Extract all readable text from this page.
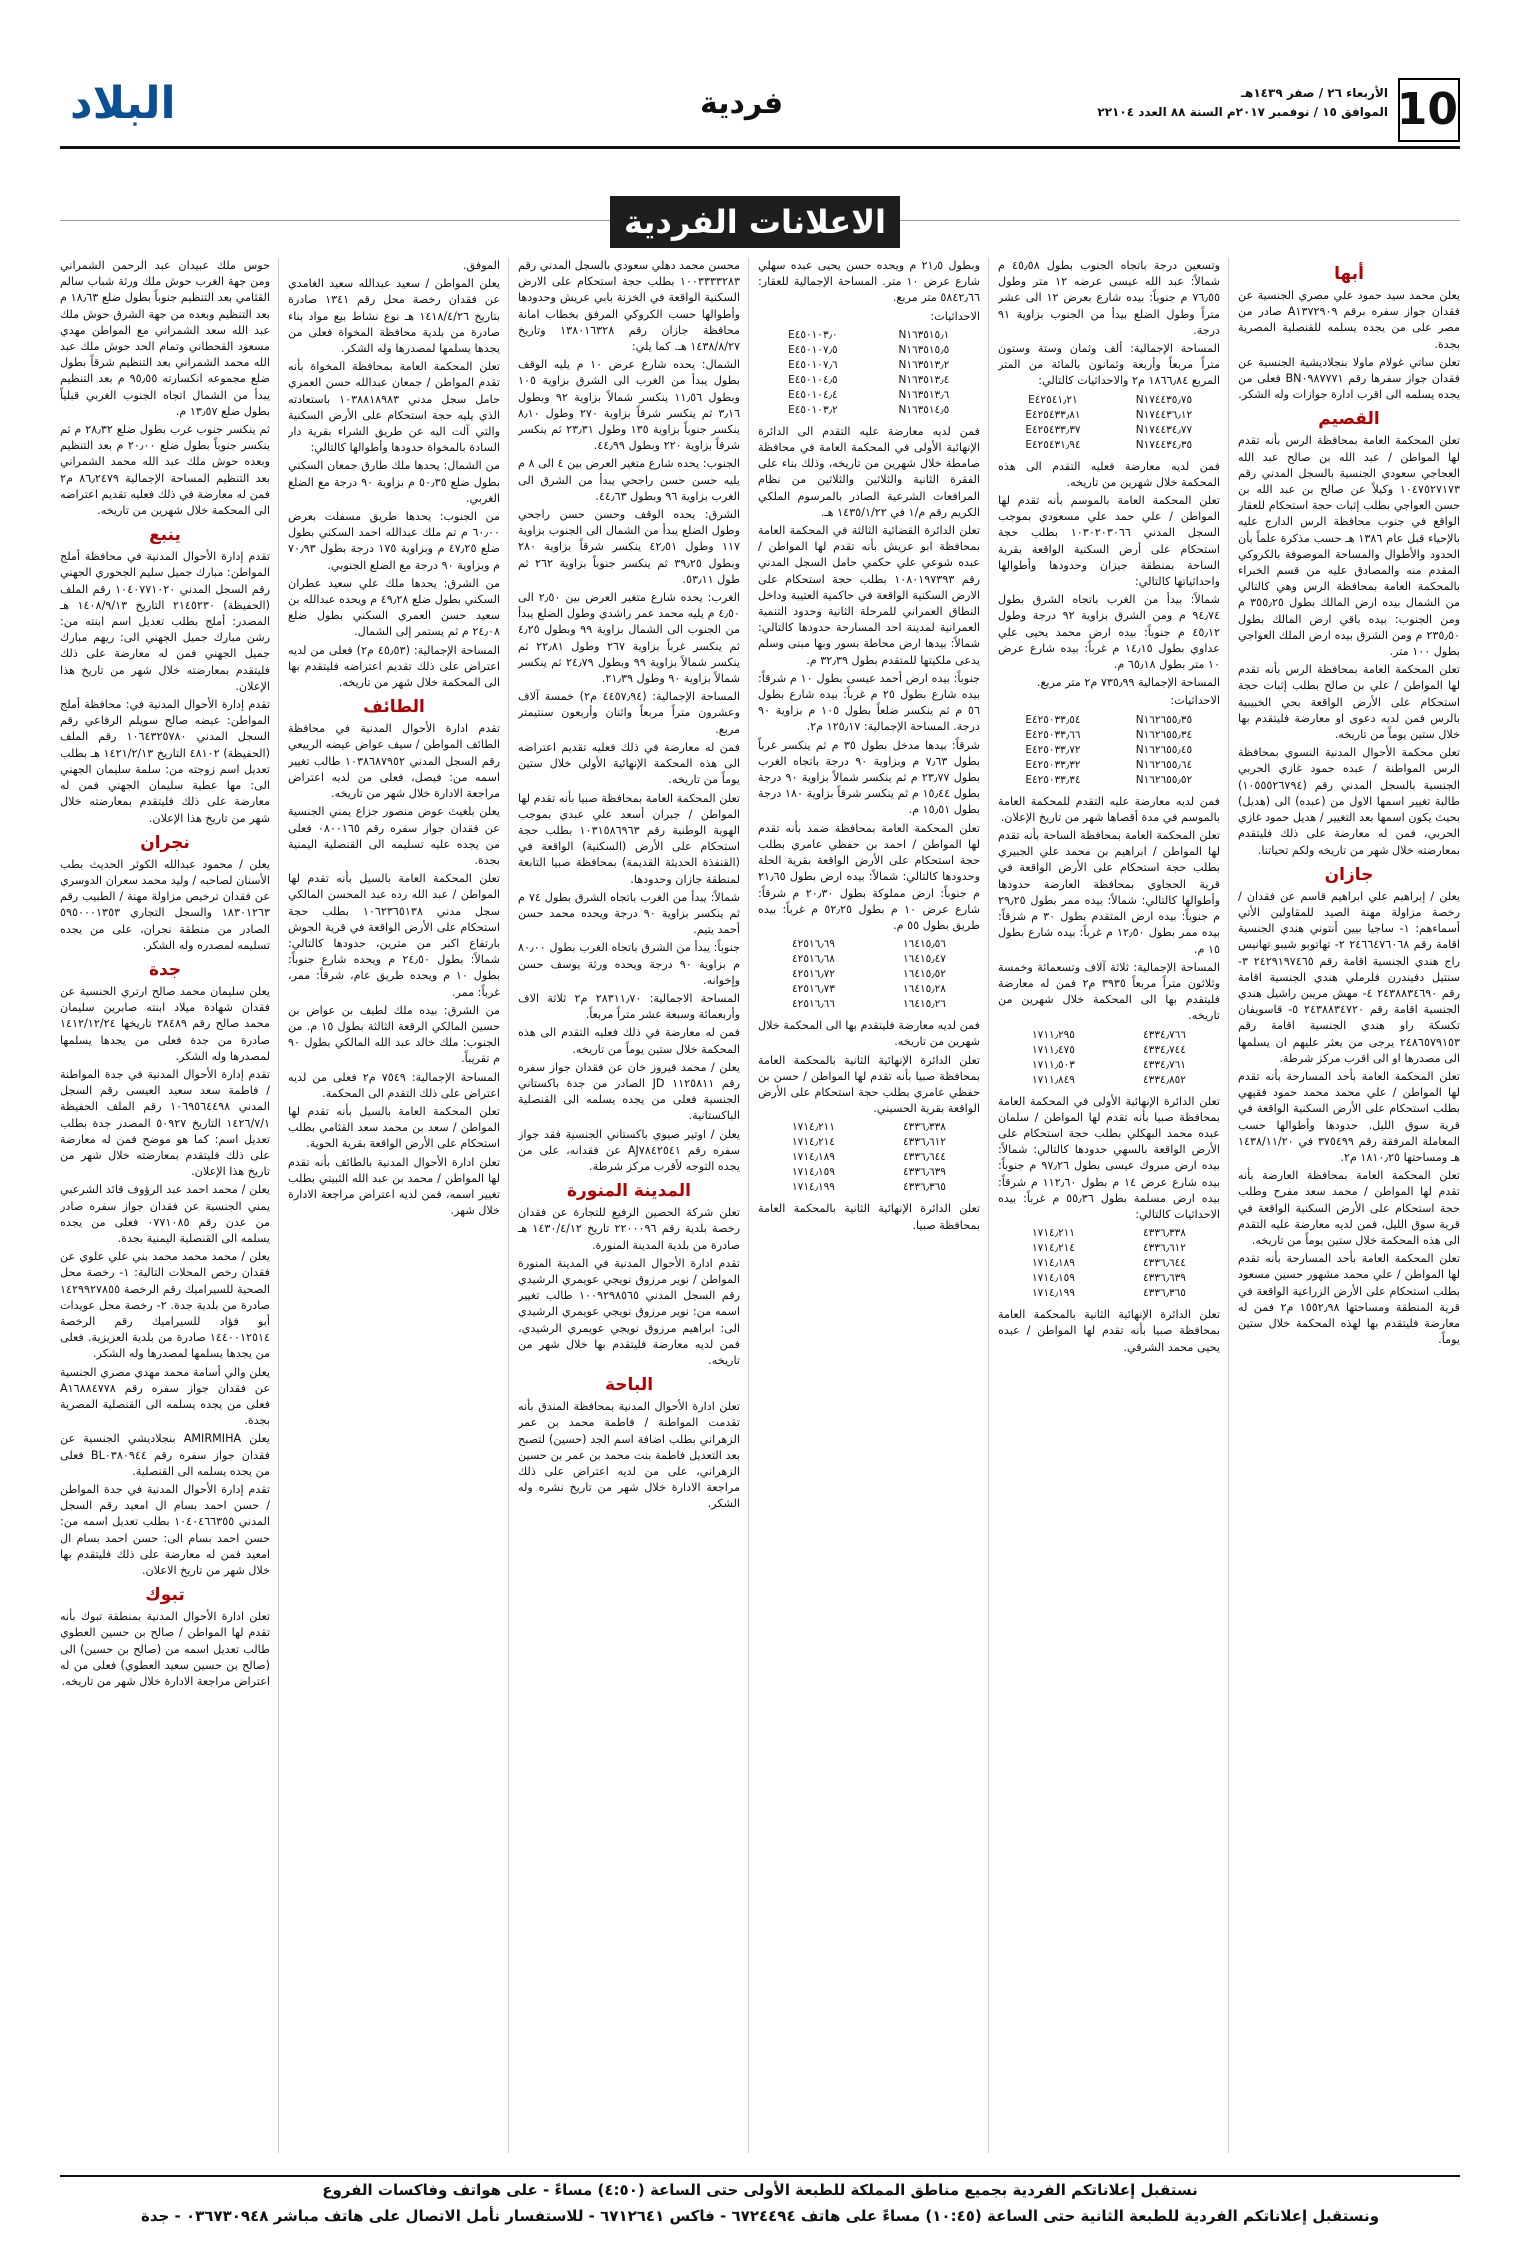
10
الأربعاء ٢٦ / صفر ١٤٣٩هـ
الموافق ١٥ / نوفمبر ٢٠١٧م السنة ٨٨ العدد ٢٢١٠٤
فردية
البلاد
الاعلانات الفردية
أبها

يعلن محمد سيد حمود علي مصري الجنسية عن فقدان جواز سفره برقم A١٣٧٢٩٠٩ صادر من مصر على من يجده يسلمه للقنصلية المصرية بجدة.

تعلن ساتي غولام ماولا بنجلاديشية الجنسية عن فقدان جواز سفرها رقم BN٠٩٨٧٧٧١ فعلى من يجده يسلمه الى اقرب ادارة جوازات وله الشكر.

القصيم

تعلن المحكمة العامة بمحافظة الرس بأنه تقدم لها المواطن / عبد الله بن صالح عبد الله العجاجي سعودي الجنسية بالسجل المدني رقم ١٠٤٧٥٢٧١٧٣ وكيلاً عن صالح بن عبد الله بن حسن العواجي بطلب إثبات حجة استحكام للعقار الواقع في جنوب محافظة الرس الدارج عليه بالإحياء قبل عام ١٣٨٦ هـ حسب مذكرة علماً بأن الحدود والأطوال والمساحة الموصوفة بالكروكي المقدم منه والمصادق عليه من قسم الخبراء بالمحكمة العامة بمحافظة الرس وهي كالتالي من الشمال بيده ارض المالك بطول ٣٥٥٫٢٥ م ومن الجنوب: بيده باقي ارض المالك بطول ٢٣٥٫٥٠ م ومن الشرق بيده ارض الملك العواجي بطول ١٠٠ متر.

تعلن المحكمة العامة بمحافظة الرس بأنه تقدم لها المواطن / علي بن صالح بطلب إثبات حجة استحكام على الأرض الواقعة بحي الخبيبية بالرس فمن لديه دعوى او معارضة فليتقدم بها خلال ستين يوماً من تاريخه.

تعلن محكمة الأحوال المدنية النسوي بمحافظة الرس المواطنة / عبده حمود غازي الحربي الجنسية بالسجل المدني رقم (١٠٥٥٥٢٦٧٩٤) طالبة تغيير اسمها الاول من (عبده) الى (هديل) بحيث يكون اسمها بعد التغيير / هديل حمود غازي الحربي، فمن له معارضة على ذلك فليتقدم بمعارضته خلال شهر من تاريخه ولكم تحياتنا.

جازان

يعلن / إبراهيم علي ابراهيم قاسم عن فقدان / رخصة مزاولة مهنة الصيد للمقاولين الأتي أسماءهم: ١- ساجيا بيين أنتوني هندي الجنسية اقامة رقم ٢٤٦٦٤٧٦٠٦٨ ٢- تهاتوبو شيبو تهانيس راج هندي الجنسية اقامة رقم ٢٤٢٩١٩٧٤٦٥ ٣- سنتيل دفيندرن فلرملي هندي الجنسية اقامة رقم ٢٤٣٨٨٣٤٦٩٠ ٤- مهش مريبن راشيل هندي الجنسية اقامة رقم ٢٤٣٨٨٣٤٧٢٠ ٥- قاسويفان تكسكة راو هندي الجنسية اقامة رقم ٢٤٨٦٥٧٩١٥٣ يرجى من يعثر عليهم ان يسلمها الى مصدرها او الى اقرب مركز شرطة.

تعلن المحكمة العامة بأحد المسارحة بأنه تقدم لها المواطن / علي محمد محمد حمود فقيهي بطلب استحكام على الأرض السكنية الواقعة في قرية سوق الليل. حدودها وأطوالها حسب المعاملة المرفقة رقم ٣٧٥٤٩٩ في ١٤٣٨/١١/٢٠ هـ ومساحتها ١٨١٠٫٢٥ م٢.

تعلن المحكمة العامة بمحافظة العارضة بأنه تقدم لها المواطن / محمد سعد مفرح وطلب حجة استحكام على الأرض السكنية الواقعة في قرية سوق الليل، فمن لديه معارضة عليه التقدم الى هذه المحكمة خلال ستين يوماً من تاريخه.

تعلن المحكمة العامة بأحد المسارحة بأنه تقدم لها المواطن / علي محمد مشهور حسين مسعود بطلب استحكام على الأرض الزراعية الواقعة في قرية المنطقة ومساحتها ١٥٥٢٫٩٨ م٢ فمن له معارضة فليتقدم بها لهذه المحكمة خلال ستين يوماً.

وتسعين درجة باتجاه الجنوب بطول ٤٥٫٥٨ م شمالاً: عبد الله عيسى عرضه ١٢ متر وطول ٧٦٫٥٥ م جنوباً: بيده شارع بعرض ١٢ الى عشر متراً وطول الضلع بيدأ من الجنوب بزاوية ٩١ درجة.

المساحة الإجمالية: ألف وثمان وستة وستون متراً مربعاً وأربعة وثمانون بالمائة من المتر المربع ١٨٦٦٫٨٤ م٢ والاحداثيات كالتالي:

E٤٢٥٤١٫٢١	N١٧٤٤٣٥٫٧٥
E٤٢٥٤٣٣٫٨١	N١٧٤٤٣٦٫١٢
E٤٢٥٤٣٣٫٣٧	N١٧٤٤٣٤٫٧٧
E٤٢٥٤٣١٫٩٤	N١٧٤٤٣٤٫٣٥

فمن لديه معارضة فعليه التقدم الى هذه المحكمة خلال شهرين من تاريخه.

تعلن المحكمة العامة بالموسم بأنه تقدم لها المواطن / علي حمد علي مسعودي بموجب السجل المدني ١٠٣٠٢٠٣٠٦٦ بطلب حجة استحكام على أرض السكنية الواقعة بقرية الساحة بمنطقة جيزان وحدودها وأطوالها واحداثياتها كالتالي:

شمالاً: بيدأ من الغرب باتجاه الشرق بطول ٩٤٫٧٤ م ومن الشرق بزاوية ٩٢ درجة وطول ٤٥٫١٢ م جنوباً: بيده ارض محمد يحيى علي عداوي بطول ١٤٫١٥ م غرباً: بيده شارع عرض ١٠ متر بطول ٦٥٫١٨ م.

المساحة الإجمالية ٧٣٥٫٩٩ م٢ متر مربع.

الاحداثيات:

E٤٢٥٠٣٣٫٥٤	N١٦٢٦٥٥٫٣٥
E٤٢٥٠٣٣٫٦٦	N١٦٢٦٥٥٫٣٤
E٤٢٥٠٣٣٫٧٢	N١٦٢٦٥٥٫٤٥
E٤٢٥٠٣٣٫٣٢	N١٦٢٦٥٥٫٦٤
E٤٢٥٠٣٣٫٣٤	N١٦٢٦٥٥٫٥٢

فمن لديه معارضة عليه التقدم للمحكمة العامة بالموسم في مدة أقصاها شهر من تاريخ الإعلان.

تعلن المحكمة العامة بمحافظة الساحة بأنه تقدم لها المواطن / ابراهيم بن محمد علي الجبيري بطلب حجة استحكام على الأرض الواقعة في قرية الحجاوي بمحافظة العارضة حدودها وأطوالها كالتالي: شمالاً: بيده ممر بطول ٢٩٫٢٥ م جنوباً: بيده ارض المتقدم بطول ٣٠ م شرقاً: بيده ممر بطول ١٢٫٥٠ م غرباً: بيده شارع بطول ١٥ م.

المساحة الإجمالية: ثلاثة آلاف وتسعمائة وخمسة وثلاثون متراً مربعاً ٣٩٣٥ م٢ فمن له معارضة فليتقدم بها الى المحكمة خلال شهرين من تاريخه.

١٧١١٫٢٩٥	٤٣٣٤٫٧٦٦
١٧١١٫٤٧٥	٤٣٣٤٫٧٤٤
١٧١١٫٥٠٣	٤٣٣٤٫٧٦١
١٧١١٫٨٤٩	٤٣٣٤٫٨٥٢

تعلن الدائرة الإنهائية الأولى في المحكمة العامة بمحافظة صبيا بأنه تقدم لها المواطن / سلمان عبده محمد البهكلي بطلب حجة استحكام على الأرض الواقعة بالسهي حدودها كالتالي: شمالاً: بيده ارض مبروك عيسى بطول ٩٧٫٢٦ م جنوباً: بيده شارع عرض ١٤ م بطول ١١٢٫٦٠ م شرقاً: بيده ارض مسلمة بطول ٥٥٫٣٦ م غرباً: بيده الاحداثيات كالتالي:

١٧١٤٫٢١١	٤٣٣٦٫٣٣٨
١٧١٤٫٢١٤	٤٣٣٦٫٦١٢
١٧١٤٫١٨٩	٤٣٣٦٫٦٤٤
١٧١٤٫١٥٩	٤٣٣٦٫٦٣٩
١٧١٤٫١٩٩	٤٣٣٦٫٣٦٥

تعلن الدائرة الإنهائية الثانية بالمحكمة العامة بمحافظة صبيا بأنه تقدم لها المواطن / عبده يحيى محمد الشرقي.

وبطول ٢١٫٥ م ويحده حسن يحيى عبده سهلي شارع عرض ١٠ متر. المساحة الإجمالية للعقار: ٥٨٤٢٫٦٦ متر مربع.

الاحداثيات:

E٤٥٠١٠٣٫٠	N١٦٣٥١٥٫١
E٤٥٠١٠٧٫٥	N١٦٣٥١٥٫٥
E٤٥٠١٠٧٫٦	N١٦٣٥١٣٫٢
E٤٥٠١٠٤٫٥	N١٦٣٥١٣٫٤
E٤٥٠١٠٤٫٤	N١٦٣٥١٣٫٦
E٤٥٠١٠٣٫٢	N١٦٣٥١٤٫٥

فمن لديه معارضة عليه التقدم الى الدائرة الإنهائية الأولى في المحكمة العامة في محافظة صامطة خلال شهرين من تاريخه، وذلك بناء على الفقرة الثانية والثلاثين والثلاثين من نظام المرافعات الشرعية الصادر بالمرسوم الملكي الكريم رقم م/١ في ١٤٣٥/١/٢٢ هـ.

تعلن الدائرة القضائية الثالثة في المحكمة العامة بمحافظة ابو عريش بأنه تقدم لها المواطن / عبده شوعي علي حكمي حامل السجل المدني رقم ١٠٨٠١٩٧٣٩٣ بطلب حجة استحكام على الارض السكنية الواقعة في حاكمية العتيبة وداخل النطاق العمراني للمرحلة الثانية وحدود التنمية العمرانية لمدينة احد المسارحة حدودها كالتالي: شمالاً: بيدها ارض محاطة بسور وبها مبنى وسلم يدعى ملكيتها للمتقدم بطول ٣٢٫٣٩ م.

جنوباً: بيده ارض أحمد عيسى بطول ١٠ م شرقاً: بيده شارع بطول ٢٥ م غرباً: بيده شارع بطول ٥٦ م ثم ينكسر ضلعاً بطول ١٠٥ م بزاوية ٩٠ درجة. المساحة الإجمالية: ١٢٥٫١٧ م٢.

شرقاً: بيدها مدخل بطول ٣٥ م ثم ينكسر غرباً بطول ٧٫٦٣ م وبزاوية ٩٠ درجة باتجاه الغرب بطول ٢٣٫٧٧ م ثم ينكسر شمالاً بزاوية ٩٠ درجة بطول ١٥٫٤٤ م ثم ينكسر شرقاً بزاوية ١٨٠ درجة بطول ١٥٫٥١ م.

تعلن المحكمة العامة بمحافظة ضمد بأنه تقدم لها المواطن / احمد بن حفظي عامري بطلب حجة استحكام على الأرض الواقعة بقرية الحلة وحدودها كالتالي: شمالاً: بيده ارض بطول ٢١٫٦٥ م جنوباً: ارض مملوكة بطول ٢٠٫٣٠ م شرقاً: شارع عرض ١٠ م بطول ٥٢٫٢٥ م غرباً: بيده طريق بطول ٥٥ م.

٤٢٥١٦٫٦٩	١٦٤١٥٫٥٦
٤٢٥١٦٫٦٨	١٦٤١٥٫٤٧
٤٢٥١٦٫٧٢	١٦٤١٥٫٥٢
٤٢٥١٦٫٧٣	١٦٤١٥٫٢٨
٤٢٥١٦٫٦٦	١٦٤١٥٫٢٦

فمن لديه معارضة فليتقدم بها الى المحكمة خلال شهرين من تاريخه.

تعلن الدائرة الإنهائية الثانية بالمحكمة العامة بمحافظة صبيا بأنه تقدم لها المواطن / حسن بن حفظي عامري بطلب حجة استحكام على الأرض الواقعة بقرية الحسيني.

١٧١٤٫٢١١	٤٣٣٦٫٣٣٨
١٧١٤٫٢١٤	٤٣٣٦٫٦١٢
١٧١٤٫١٨٩	٤٣٣٦٫٦٤٤
١٧١٤٫١٥٩	٤٣٣٦٫٦٣٩
١٧١٤٫١٩٩	٤٣٣٦٫٣٦٥

تعلن الدائرة الإنهائية الثانية بالمحكمة العامة بمحافظة صبيا.

محسن محمد دهلي سعودي بالسجل المدني رقم ١٠٠٣٣٣٣٢٨٣ بطلب حجة استحكام على الارض السكنية الواقعة في الخزنة بابي عريش وحدودها وأطوالها حسب الكروكي المرفق بخطاب امانة محافظة جازان رقم ١٣٨٠١٦٣٢٨ وتاريخ ١٤٣٨/٨/٢٧ هـ. كما يلي:

الشمال: يحده شارع عرض ١٠ م يليه الوقف بطول يبدأ من الغرب الى الشرق بزاوية ١٠٥ وبطول ١١٫٥٦ ينكسر شمالاً بزاوية ٩٢ وبطول ٣٫١٦ ثم ينكسر شرقاً بزاوية ٢٧٠ وطول ٨٫١٠ ينكسر جنوباً بزاوية ١٣٥ وطول ٢٣٫٣١ ثم ينكسر شرقاً بزاوية ٢٢٠ وبطول ٤٤٫٩٩.

الجنوب: يحده شارع متغير العرض بين ٤ الى ٨ م يليه حسن حسن راجحي يبدأ من الشرق الى الغرب بزاوية ٩٦ وبطول ٤٤٫٦٣.

الشرق: يحده الوقف وحسن حسن راجحي وطول الضلع يبدأ من الشمال الى الجنوب بزاوية ١١٧ وطول ٤٢٫٥١ ينكسر شرقاً بزاوية ٢٨٠ وبطول ٣٩٫٢٥ ثم ينكسر جنوباً بزاوية ٢٦٢ ثم طول ٥٣٫١١.

الغرب: يحده شارع متغير العرض بين ٢٫٥٠ الى ٤٫٥٠ م يليه محمد عمر راشدي وطول الضلع يبدأ من الجنوب الى الشمال بزاوية ٩٩ وبطول ٤٫٢٥ ثم ينكسر غرباً بزاوية ٢٦٧ وطول ٢٢٫٨١ ثم ينكسر شمالاً بزاوية ٩٩ وبطول ٢٤٫٧٩ ثم ينكسر شمالاً بزاوية ٩٠ وطول ٢١٫٣٩.

المساحة الإجمالية: (٤٤٥٧٫٩٤ م٢) خمسة آلاف وعشرون متراً مربعاً واثنان وأربعون سنتيمتر مربع.

فمن له معارضة في ذلك فعليه تقديم اعتراضه الى هذه المحكمة الإنهائية الأولى خلال ستين يوماً من تاريخه.

تعلن المحكمة العامة بمحافظة صبيا بأنه تقدم لها المواطن / جبران أسعد علي عبدي بموجب الهوية الوطنية رقم ١٠٣١٥٨٦٩٦٣ بطلب حجة استحكام على الأرض (السكنية) الواقعة في (القنفذة الحديثة القديمة) بمحافظة صبيا التابعة لمنطقة جازان وحدودها.

شمالاً: يبدأ من الغرب باتجاه الشرق بطول ٧٤ م ثم ينكسر بزاوية ٩٠ درجة ويحده محمد حسن أحمد يتيم.

جنوباً: يبدأ من الشرق باتجاه الغرب بطول ٨٠٫٠٠ م بزاوية ٩٠ درجة ويحده ورثة يوسف حسن وإخوانه.

المساحة الاجمالية: ٢٨٣١١٫٧٠ م٢ ثلاثة الاف وأربعمائة وسبعة عشر متراً مربعاً.

فمن له معارضة في ذلك فعليه التقدم الى هذه المحكمة خلال ستين يوماً من تاريخه.

يعلن / محمد فيروز خان عن فقدان جواز سفره رقم ١١٢٥٨١١ JD الصادر من جدة باكستاني الجنسية فعلى من يجده يسلمه الى القنصلية الباكستانية.

يعلن / اوتير صيوي باكستاني الجنسية فقد جواز سفره رقم AJ٧٨٤٢٥٤١ عن فقدانه، على من يجده التوجه لأقرب مركز شرطة.

المدينة المنورة

تعلن شركة الحصين الرفيع للتجارة عن فقدان رخصة بلدية رقم ٢٢٠٠٠٩٦ تاريخ ١٤٣٠/٤/١٢ هـ صادرة من بلدية المدينة المنورة.

تقدم ادارة الأحوال المدنية في المدينة المنورة المواطن / نوير مرزوق نويجي عويمري الرشيدي رقم السجل المدني ١٠٠٩٢٩٨٥٦٥ طالب تغيير اسمه من: نوير مرزوق نويجي عويمري الرشيدي الى: ابراهيم مرزوق نويجي عويمري الرشيدي، فمن لديه معارضة فليتقدم بها خلال شهر من تاريخه.

الباحة

تعلن ادارة الأحوال المدنية بمحافظة المندق بأنه تقدمت المواطنة / فاطمة محمد بن عمر الزهراني بطلب اضافة اسم الجد (حسين) لتصبح بعد التعديل فاطمة بنت محمد بن عمر بن حسين الزهراني، على من لديه اعتراض على ذلك مراجعة الادارة خلال شهر من تاريخ نشره وله الشكر.

الموفق.

يعلن المواطن / سعيد عبدالله سعيد الغامدي عن فقدان رخصة محل رقم ١٣٤١ صادرة بتاريخ ١٤١٨/٤/٢٦ هـ نوع نشاط بيع مواد بناء صادرة من بلدية محافظة المخواة فعلى من يجدها يسلمها لمصدرها وله الشكر.

تعلن المحكمة العامة بمحافظة المخواة بأنه تقدم المواطن / جمعان عبدالله حسن العمري حامل سجل مدني ١٠٣٨٨١٨٩٨٣ باستعادته الذي يليه حجة استحكام على الأرض السكنية والتي آلت اليه عن طريق الشراء بقرية دار السادة بالمخواة حدودها وأطوالها كالتالي:

من الشمال: يحدها ملك طارق جمعان السكني بطول ضلع ٥٠٫٣٥ م بزاوية ٩٠ درجة مع الضلع الغربي.

من الجنوب: يحدها طريق مسفلت بعرض ٦٠٫٠٠ م تم ملك عبدالله احمد السكني بطول ضلع ٤٧٫٢٥ م وبزاوية ١٧٥ درجة بطول ٧٠٫٩٣ م وبزاوية ٩٠ درجة مع الضلع الجنوبي.

من الشرق: يحدها ملك علي سعيد عطران السكني بطول ضلع ٤٩٫٢٨ م ويحده عبدالله بن سعيد حسن العمري السكني بطول ضلع ٢٤٫٠٨ م ثم يستمر إلى الشمال.

المساحة الإجمالية: (٤٥٫٥٣ م٢) فعلى من لديه اعتراض على ذلك تقديم اعتراضه فليتقدم بها الى المحكمة خلال شهر من تاريخه.

الطائف

تقدم ادارة الأحوال المدنية في محافظة الطائف المواطن / سيف عواض عيضه الرييعي رقم السجل المدني ١٠٣٨٦٨٧٩٥٢ طالب تغيير اسمه من: فيصل، فعلى من لديه اعتراض مراجعة الادارة خلال شهر من تاريخه.

يعلن بلغيث عوض منصور جزاع يمني الجنسية عن فقدان جواز سفره رقم ٠٨٠٠١٦٥ فعلى من يجده عليه تسليمه الى القنصلية اليمنية بجدة.

تعلن المحكمة العامة بالسيل بأنه تقدم لها المواطن / عبد الله رده عبد المحسن المالكي سجل مدني ١٠٦٢٣٦٥١٣٨ بطلب حجة استحكام على الأرض الواقعة في قرية الحوش بارتفاع اكبر من مترين، حدودها كالتالي: شمالاً: بطول ٢٤٫٥٠ م ويحده شارع جنوباً: بطول ١٠ م ويحده طريق عام، شرقاً: ممر، غرباً: ممر.

من الشرق: بيده ملك لطيف بن عواض بن حسين المالكي الرقعة الثالثة بطول ١٥ م. من الجنوب: ملك خالد عبد الله المالكي بطول ٩٠ م تقريباً.

المساحة الإجمالية: ٧٥٤٩ م٢ فعلى من لديه اعتراض على ذلك التقدم الى المحكمة.

تعلن المحكمة العامة بالسيل بأنه تقدم لها المواطن / سعد بن محمد سعد القثامي بطلب استحكام على الأرض الواقعة بقرية الحوية.

تعلن ادارة الأحوال المدنية بالطائف بأنه تقدم لها المواطن / محمد بن عبد الله الثبيتي بطلب تغيير اسمه، فمن لديه اعتراض مراجعة الادارة خلال شهر.

حوس ملك عبيدان عبد الرحمن الشمراني ومن جهة الغرب حوش ملك ورثة شباب سالم القثامي بعد التنظيم جنوباً بطول ضلع ١٨٫٦٣ م بعد التنظيم وبعده من جهة الشرق حوش ملك عبد الله سعد الشمراني مع المواطن مهدي مسعود القحطاني وتمام الحد حوش ملك عبد الله محمد الشمراني بعد التنظيم شرقاً بطول ضلع مجموعه انكسارته ٩٥٫٥٥ م بعد التنظيم يبدأ من الشمال اتجاه الجنوب الغربي قبلياً بطول ضلع ١٣٫٥٧ م.

ثم ينكسر جنوب غرب بطول ضلع ٢٨٫٣٢ م ثم ينكسر جنوباً بطول ضلع ٢٠٫٠٠ م بعد التنظيم وبعده حوش ملك عبد الله محمد الشمراني بعد التنظيم المساحة الإجمالية ٨٦٫٢٤٧٩ م٢ فمن له معارضة في ذلك فعليه تقديم اعتراضه الى المحكمة خلال شهرين من تاريخه.

ينبع

تقدم إدارة الأحوال المدنية في محافظة أملج المواطن: مبارك جميل سليم الجحوري الجهني رقم السجل المدني ١٠٤٠٧٧١٠٢٠ رقم الملف (الحفيظة) ٢١٤٥٢٣٠ التاريخ ١٤٠٨/٩/١٣ هـ المصدر: أملج بطلب تعديل اسم ابنته من: رشن مبارك جميل الجهني الى: ريهم مبارك جميل الجهني فمن له معارضة على ذلك فليتقدم بمعارضته خلال شهر من تاريخ هذا الإعلان.

تقدم إدارة الأحوال المدنية في: محافظة أملج المواطن: عيضه صالح سويلم الرفاعي رقم السجل المدني ١٠٦٤٣٢٥٧٨٠ رقم الملف (الحفيظة) ٤٨١٠٢ التاريخ ١٤٢١/٢/١٣ هـ بطلب تعديل اسم زوجته من: سلمة سليمان الجهني الى: مها عطية سليمان الجهني فمن له معارضة على ذلك فليتقدم بمعارضته خلال شهر من تاريخ هذا الإعلان.

نجران

يعلن / محمود عبدالله الكوثر الحديث بطب الأسنان لصاحبه / وليد محمد سعران الدوسري عن فقدان ترخيص مزاولة مهنة / الطبيب رقم ١٨٣٠١٢٦٣ والسجل التجاري ٥٩٥٠٠٠١٣٥٣ الصادر من منطقة نجران، على من يجده تسليمه لمصدره وله الشكر.

جدة

يعلن سليمان محمد صالح ارتري الجنسية عن فقدان شهادة ميلاد ابنته صابرين سليمان محمد صالح رقم ٢٨٤٨٩ تاريخها ١٤١٢/١٢/٢٤ صادرة من جدة فعلى من يجدها يسلمها لمصدرها وله الشكر.

تقدم إدارة الأحوال المدنية في جدة المواطنة / فاطمة سعد سعيد العيسى رقم السجل المدني ١٠٦٩٥٦٤٤٩٨ رقم الملف الحفيظة ١٤٢٦/٧/١ التاريخ ٥٠٩٢٧ المصدر جدة بطلب تعديل اسم: كما هو موضح فمن له معارضة على ذلك فليتقدم بمعارضته خلال شهر من تاريخ هذا الإعلان.

يعلن / محمد احمد عبد الرؤوف قائد الشرعبي يمني الجنسية عن فقدان جواز سفره صادر من عدن رقم ٠٧٧١٠٨٥ فعلى من يجده يسلمه الى القنصلية اليمنية بجدة.

يعلن / محمد محمد محمد بني علي علوي عن فقدان رخص المحلات التالية: ١- رخصة محل الصحية للسيراميك رقم الرخصة ١٤٢٩٩٢٧٨٥٥ صادرة من بلدية جدة. ٢- رخصة محل عويدات أبو فؤاد للسيراميك رقم الرخصة ١٤٤٠٠١٢٥١٤ صادرة من بلدية العزيزية. فعلى من يجدها يسلمها لمصدرها وله الشكر.

يعلن والي أسامة محمد مهدي مصري الجنسية عن فقدان جواز سفره رقم A١٦٨٨٤٧٧٨ فعلى من يجده يسلمه الى القنصلية المصرية بجدة.

يعلن AMIRMIHA بنجلاديشي الجنسية عن فقدان جواز سفره رقم BL٠٣٨٠٩٤٤ فعلى من يجده يسلمه الى القنصلية.

تقدم إدارة الأحوال المدنية في جدة المواطن / حسن احمد بسام ال امعيد رقم السجل المدني ١٠٤٠٤٦٦٣٥٥ بطلب تعديل اسمه من: حسن احمد بسام الى: حسن احمد بسام ال امعيد فمن له معارضة على ذلك فليتقدم بها خلال شهر من تاريخ الاعلان.

تبوك

تعلن ادارة الأحوال المدنية بمنطقة تبوك بأنه تقدم لها المواطن / صالح بن حسين العطوي طالب تعديل اسمه من (صالح بن حسين) الى (صالح بن حسين سعيد العطوي) فعلى من له اعتراض مراجعة الادارة خلال شهر من تاريخه.

نستقبل إعلاناتكم الفردية بجميع مناطق المملكة للطبعة الأولى حتى الساعة (٤:٥٠) مساءً - على هواتف وفاكسات الفروع
ونستقبل إعلاناتكم الفردية للطبعة الثانية حتى الساعة (١٠:٤٥) مساءً على هاتف ٦٧٢٤٤٩٤ - فاكس ٦٧١٢٦٤١ - للاستفسار نأمل الاتصال على هاتف مباشر ٠٣٦٧٣٠٩٤٨ - جدة
